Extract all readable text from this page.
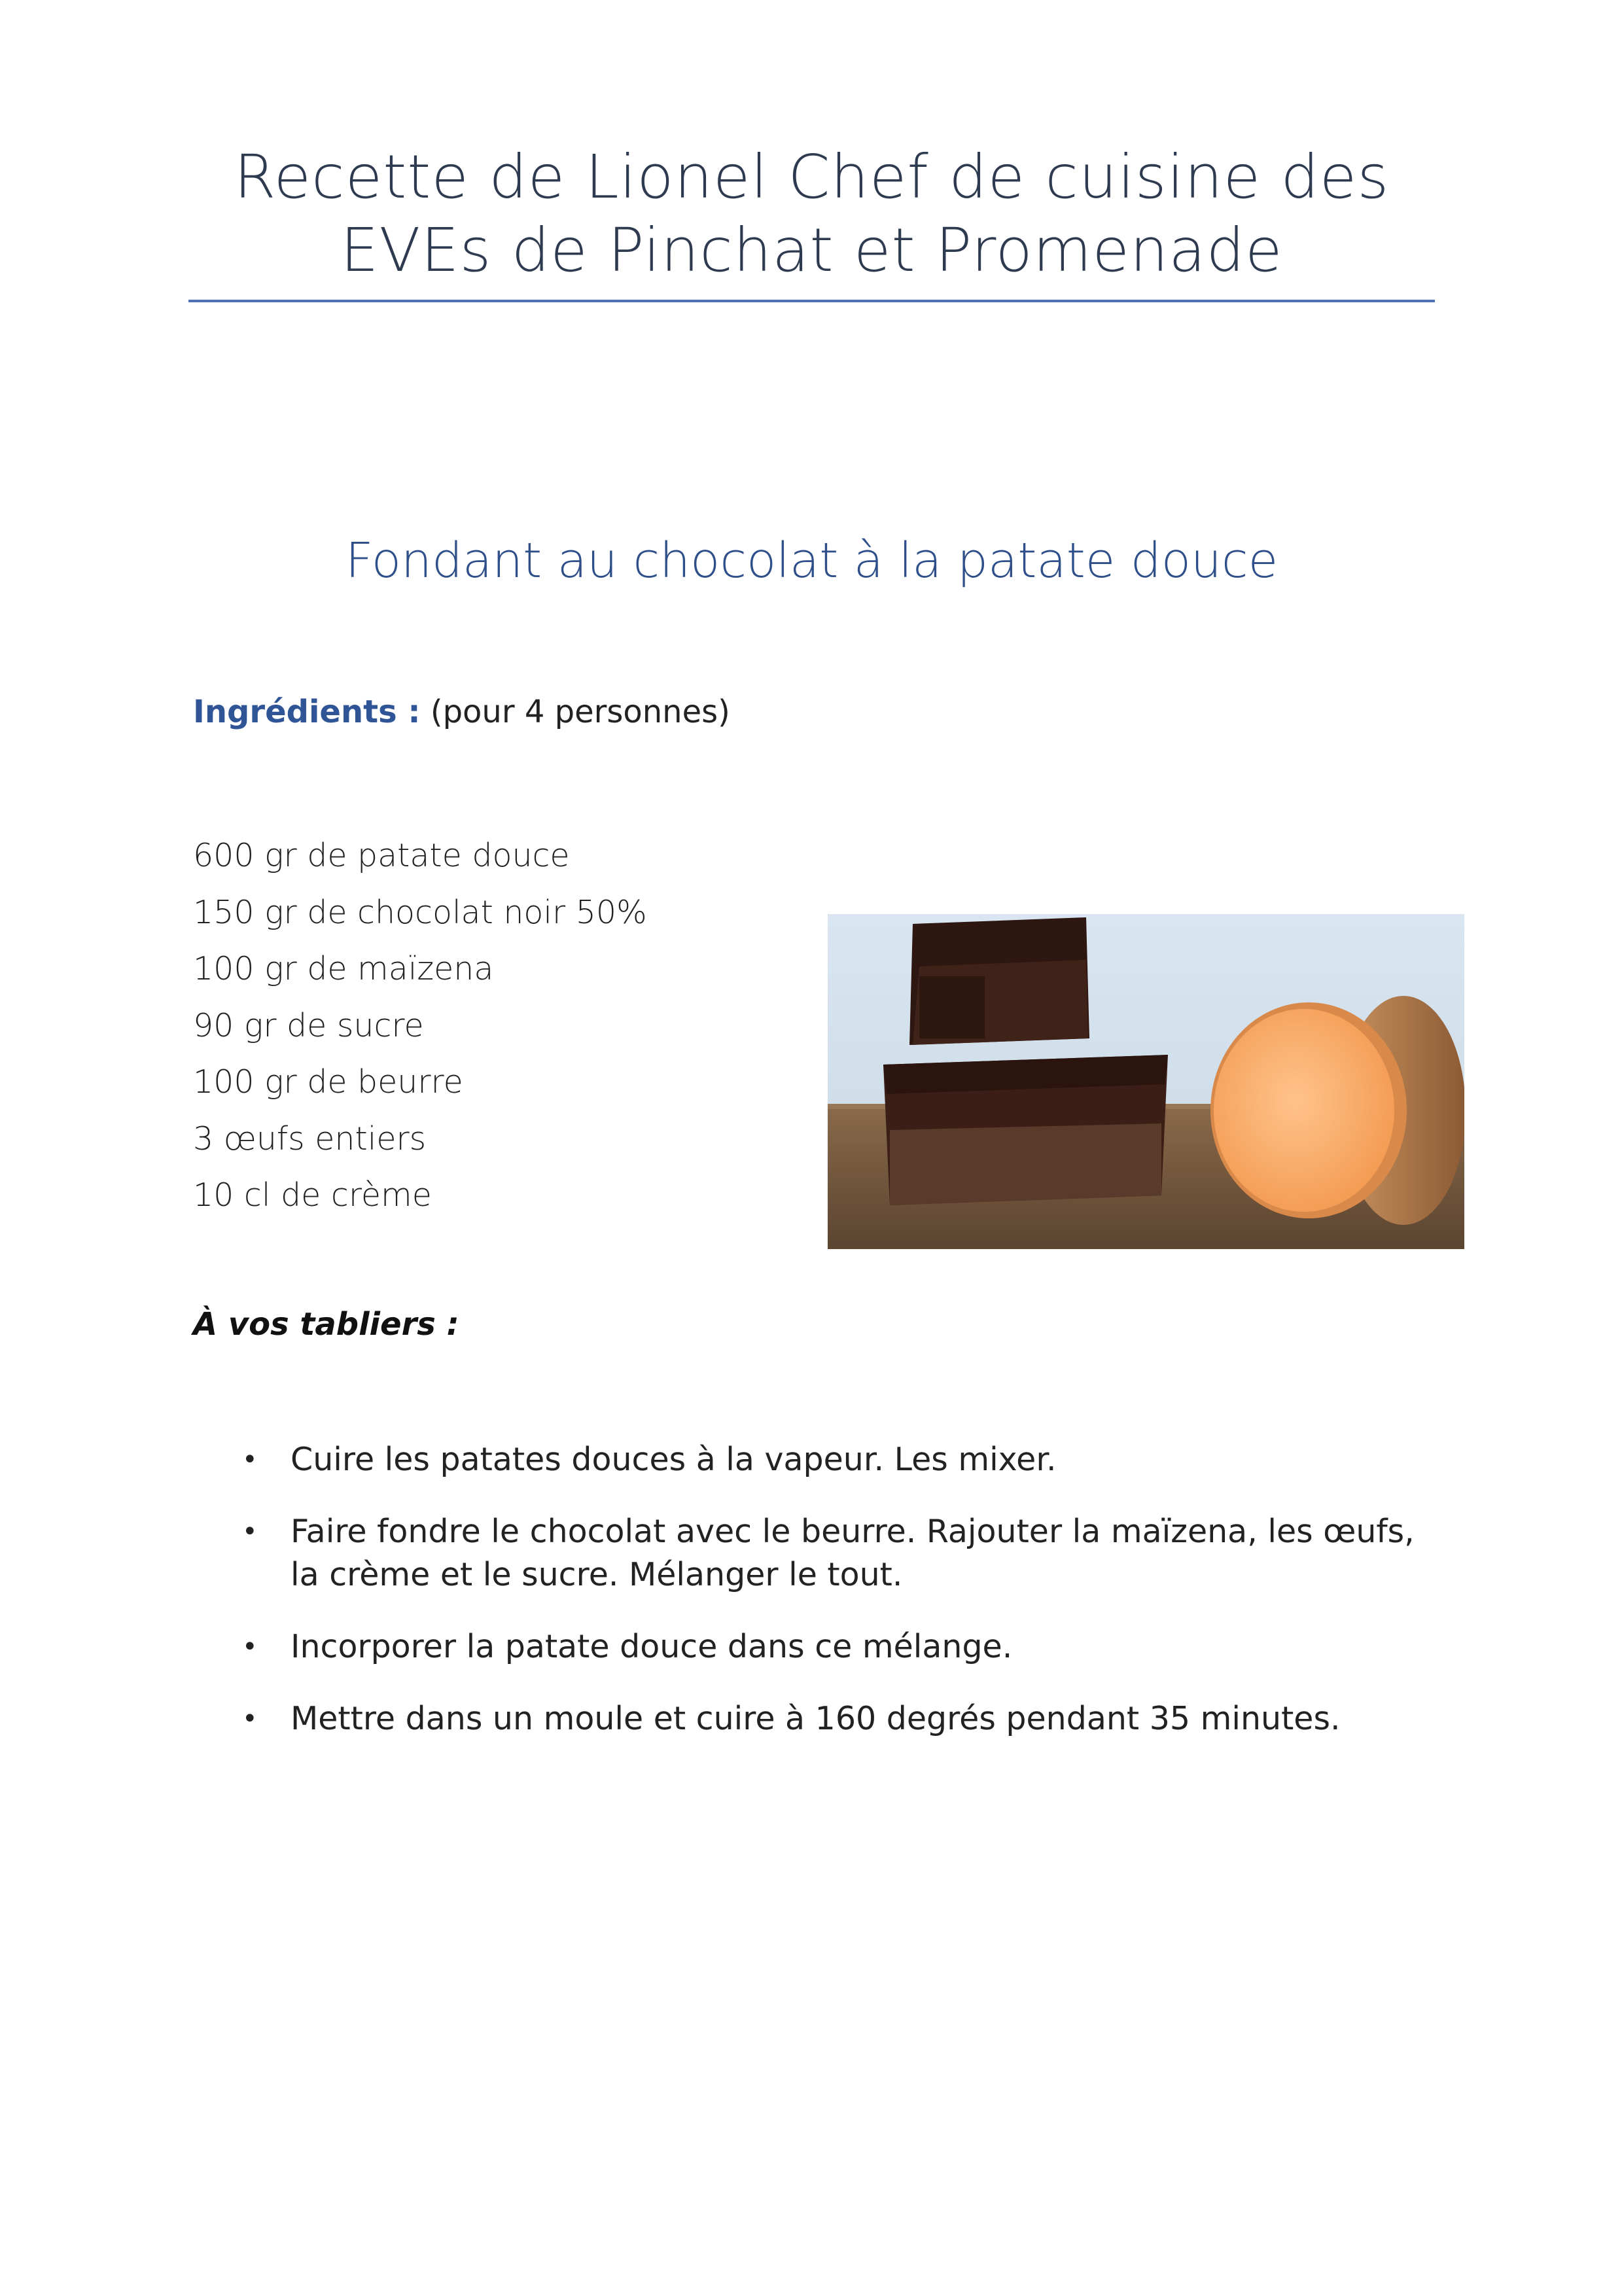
Recette de Lionel Chef de cuisine des
EVEs de Pinchat et Promenade
Fondant au chocolat à la patate douce
Ingrédients : (pour 4 personnes)
600 gr de patate douce
150 gr de chocolat noir 50%
100 gr de maïzena
90 gr de sucre
100 gr de beurre
3 œufs entiers
10 cl de crème
À vos tabliers :
• Cuire les patates douces à la vapeur. Les mixer.
• Faire fondre le chocolat avec le beurre. Rajouter la maïzena, les œufs, la crème et le sucre. Mélanger le tout.
• Incorporer la patate douce dans ce mélange.
• Mettre dans un moule et cuire à 160 degrés pendant 35 minutes.
